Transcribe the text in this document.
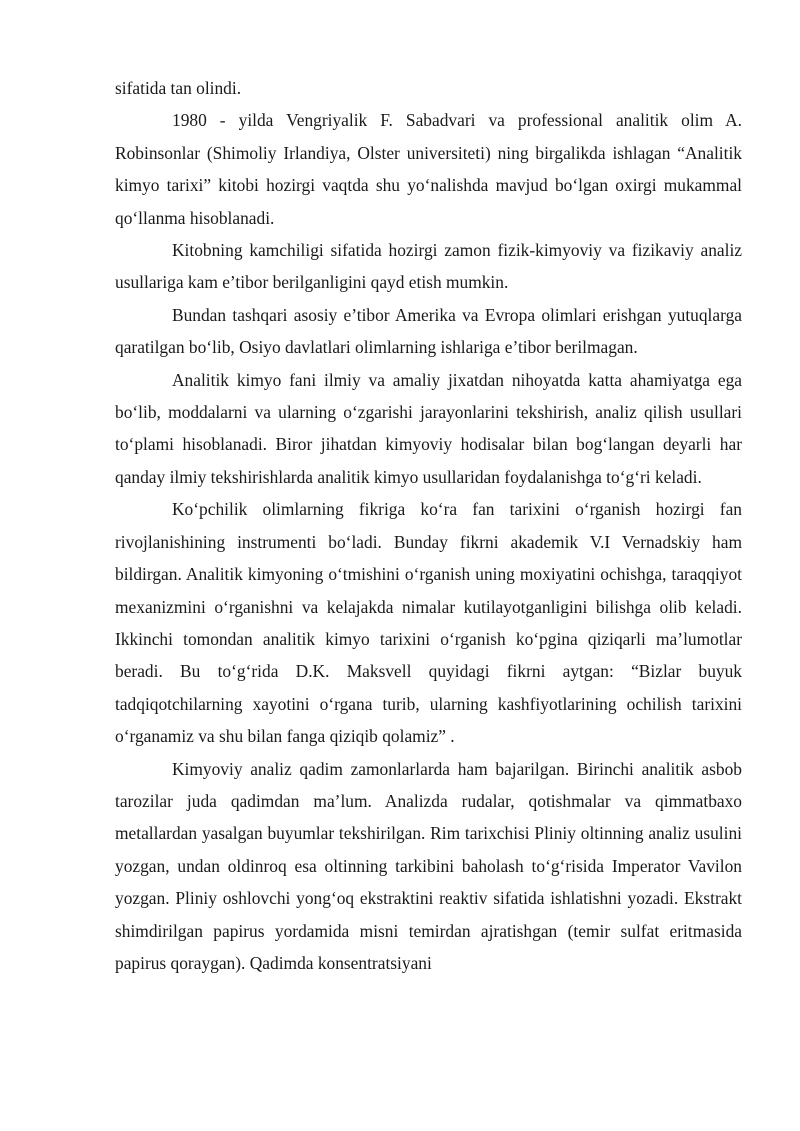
sifatida tan olindi.

1980 - yilda Vengriyalik F. Sabadvari va professional analitik olim A. Robinsonlar (Shimoliy Irlandiya, Olster universiteti) ning birgalikda ishlagan “Analitik kimyo tarixi” kitobi hozirgi vaqtda shu yo‘nalishda mavjud bo‘lgan oxirgi mukammal qo‘llanma hisoblanadi.

Kitobning kamchiligi sifatida hozirgi zamon fizik-kimyoviy va fizikaviy analiz usullariga kam e’tibor berilganligini qayd etish mumkin.

Bundan tashqari asosiy e’tibor Amerika va Evropa olimlari erishgan yutuqlarga qaratilgan bo‘lib, Osiyo davlatlari olimlarning ishlariga e’tibor berilmagan.

Analitik kimyo fani ilmiy va amaliy jixatdan nihoyatda katta ahamiyatga ega bo‘lib, moddalarni va ularning o‘zgarishi jarayonlarini tekshirish, analiz qilish usullari to‘plami hisoblanadi. Biror jihatdan kimyoviy hodisalar bilan bog‘langan deyarli har qanday ilmiy tekshirishlarda analitik kimyo usullaridan foydalanishga to‘g‘ri keladi.

Ko‘pchilik olimlarning fikriga ko‘ra fan tarixini o‘rganish hozirgi fan rivojlanishining instrumenti bo‘ladi. Bunday fikrni akademik V.I Vernadskiy ham bildirgan. Analitik kimyoning o‘tmishini o‘rganish uning moxiyatini ochishga, taraqqiyot mexanizmini o‘rganishni va kelajakda nimalar kutilayotganligini bilishga olib keladi. Ikkinchi tomondan analitik kimyo tarixini o‘rganish ko‘pgina qiziqarli ma’lumotlar beradi. Bu to‘g‘rida D.K. Maksvell quyidagi fikrni aytgan: “Bizlar buyuk tadqiqotchilarning xayotini o‘rgana turib, ularning kashfiyotlarining ochilish tarixini o‘rganamiz va shu bilan fanga qiziqib qolamiz” .

Kimyoviy analiz qadim zamonlarlarda ham bajarilgan. Birinchi analitik asbob tarozilar juda qadimdan ma’lum. Analizda rudalar, qotishmalar va qimmatbaxo metallardan yasalgan buyumlar tekshirilgan. Rim tarixchisi Pliniy oltinning analiz usulini yozgan, undan oldinroq esa oltinning tarkibini baholash to‘g‘risida Imperator Vavilon yozgan. Pliniy oshlovchi yong‘oq ekstraktini reaktiv sifatida ishlatishni yozadi. Ekstrakt shimdirilgan papirus yordamida misni temirdan ajratishgan (temir sulfat eritmasida papirus qoraygan). Qadimda konsentratsiyani
